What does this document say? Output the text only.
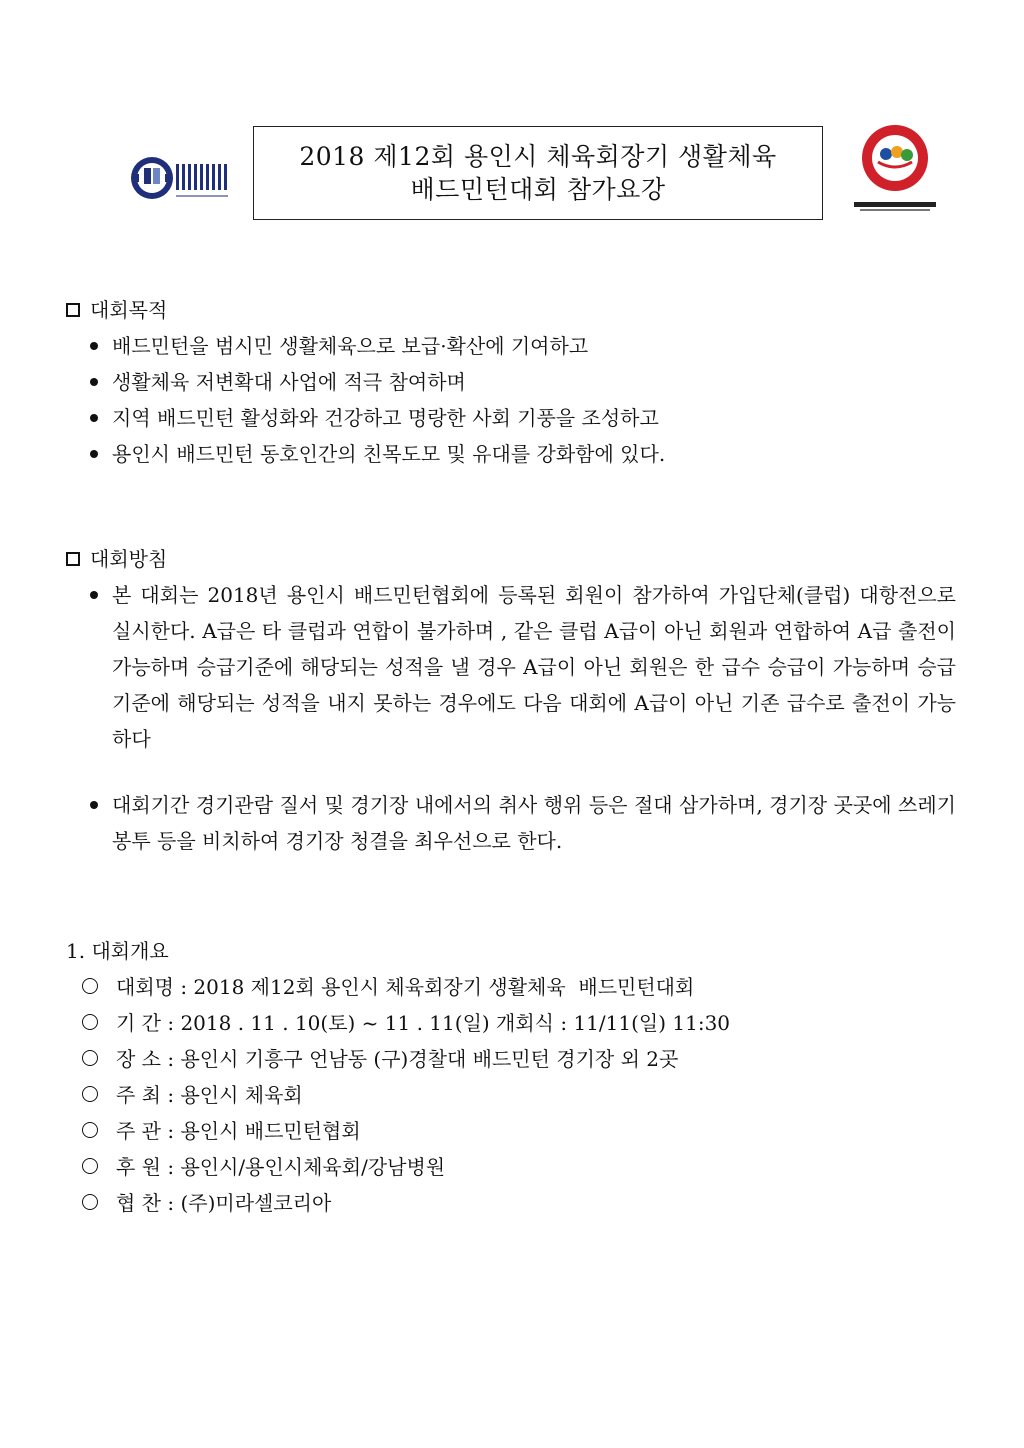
2018 제12회 용인시 체육회장기 생활체육
배드민턴대회 참가요강
대회목적
배드민턴을 범시민 생활체육으로 보급·확산에 기여하고
생활체육 저변확대 사업에 적극 참여하며
지역 배드민턴 활성화와 건강하고 명랑한 사회 기풍을 조성하고
용인시 배드민턴 동호인간의 친목도모 및 유대를 강화함에 있다.
대회방침
본 대회는 2018년 용인시 배드민턴협회에 등록된 회원이 참가하여 가입단체(클럽) 대항전으로 실시한다. A급은 타 클럽과 연합이 불가하며 , 같은 클럽 A급이 아닌 회원과 연합하여 A급 출전이 가능하며 승급기준에 해당되는 성적을 낼 경우 A급이 아닌 회원은 한 급수 승급이 가능하며 승급기준에 해당되는 성적을 내지 못하는 경우에도 다음 대회에 A급이 아닌 기존 급수로 출전이 가능하다
대회기간 경기관람 질서 및 경기장 내에서의 취사 행위 등은 절대 삼가하며, 경기장 곳곳에 쓰레기봉투 등을 비치하여 경기장 청결을 최우선으로 한다.
1. 대회개요
대회명 : 2018 제12회 용인시 체육회장기 생활체육  배드민턴대회
기 간 : 2018 . 11 . 10(토) ~ 11 . 11(일) 개회식 : 11/11(일) 11:30
장 소 : 용인시 기흥구 언남동 (구)경찰대 배드민턴 경기장 외 2곳
주 최 : 용인시 체육회
주 관 : 용인시 배드민턴협회
후 원 : 용인시/용인시체육회/강남병원
협 찬 : (주)미라셀코리아
